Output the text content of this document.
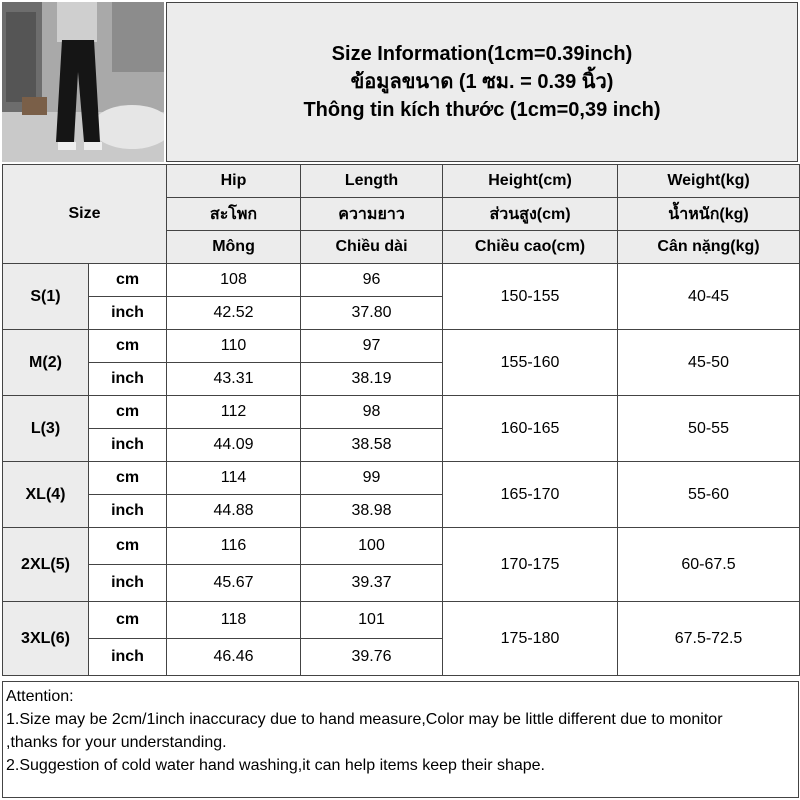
Size Information(1cm=0.39inch)
ข้อมูลขนาด (1 ซม. = 0.39 นิ้ว)
Thông tin kích thước (1cm=0,39 inch)
Size		Hip	Length	Height(cm)	Weight(kg)
		สะโพก	ความยาว	ส่วนสูง(cm)	น้ำหนัก(kg)
		Mông	Chiều dài	Chiều cao(cm)	Cân nặng(kg)
S(1)	cm	108	96	150-155	40-45
	inch	42.52	37.80		
M(2)	cm	110	97	155-160	45-50
	inch	43.31	38.19		
L(3)	cm	112	98	160-165	50-55
	inch	44.09	38.58		
XL(4)	cm	114	99	165-170	55-60
	inch	44.88	38.98		
2XL(5)	cm	116	100	170-175	60-67.5
	inch	45.67	39.37		
3XL(6)	cm	118	101	175-180	67.5-72.5
	inch	46.46	39.76		
Attention:
1.Size may be 2cm/1inch inaccuracy due to hand measure,Color may be little different due to monitor
,thanks for your understanding.
2.Suggestion of cold water hand washing,it can help items keep their shape.
